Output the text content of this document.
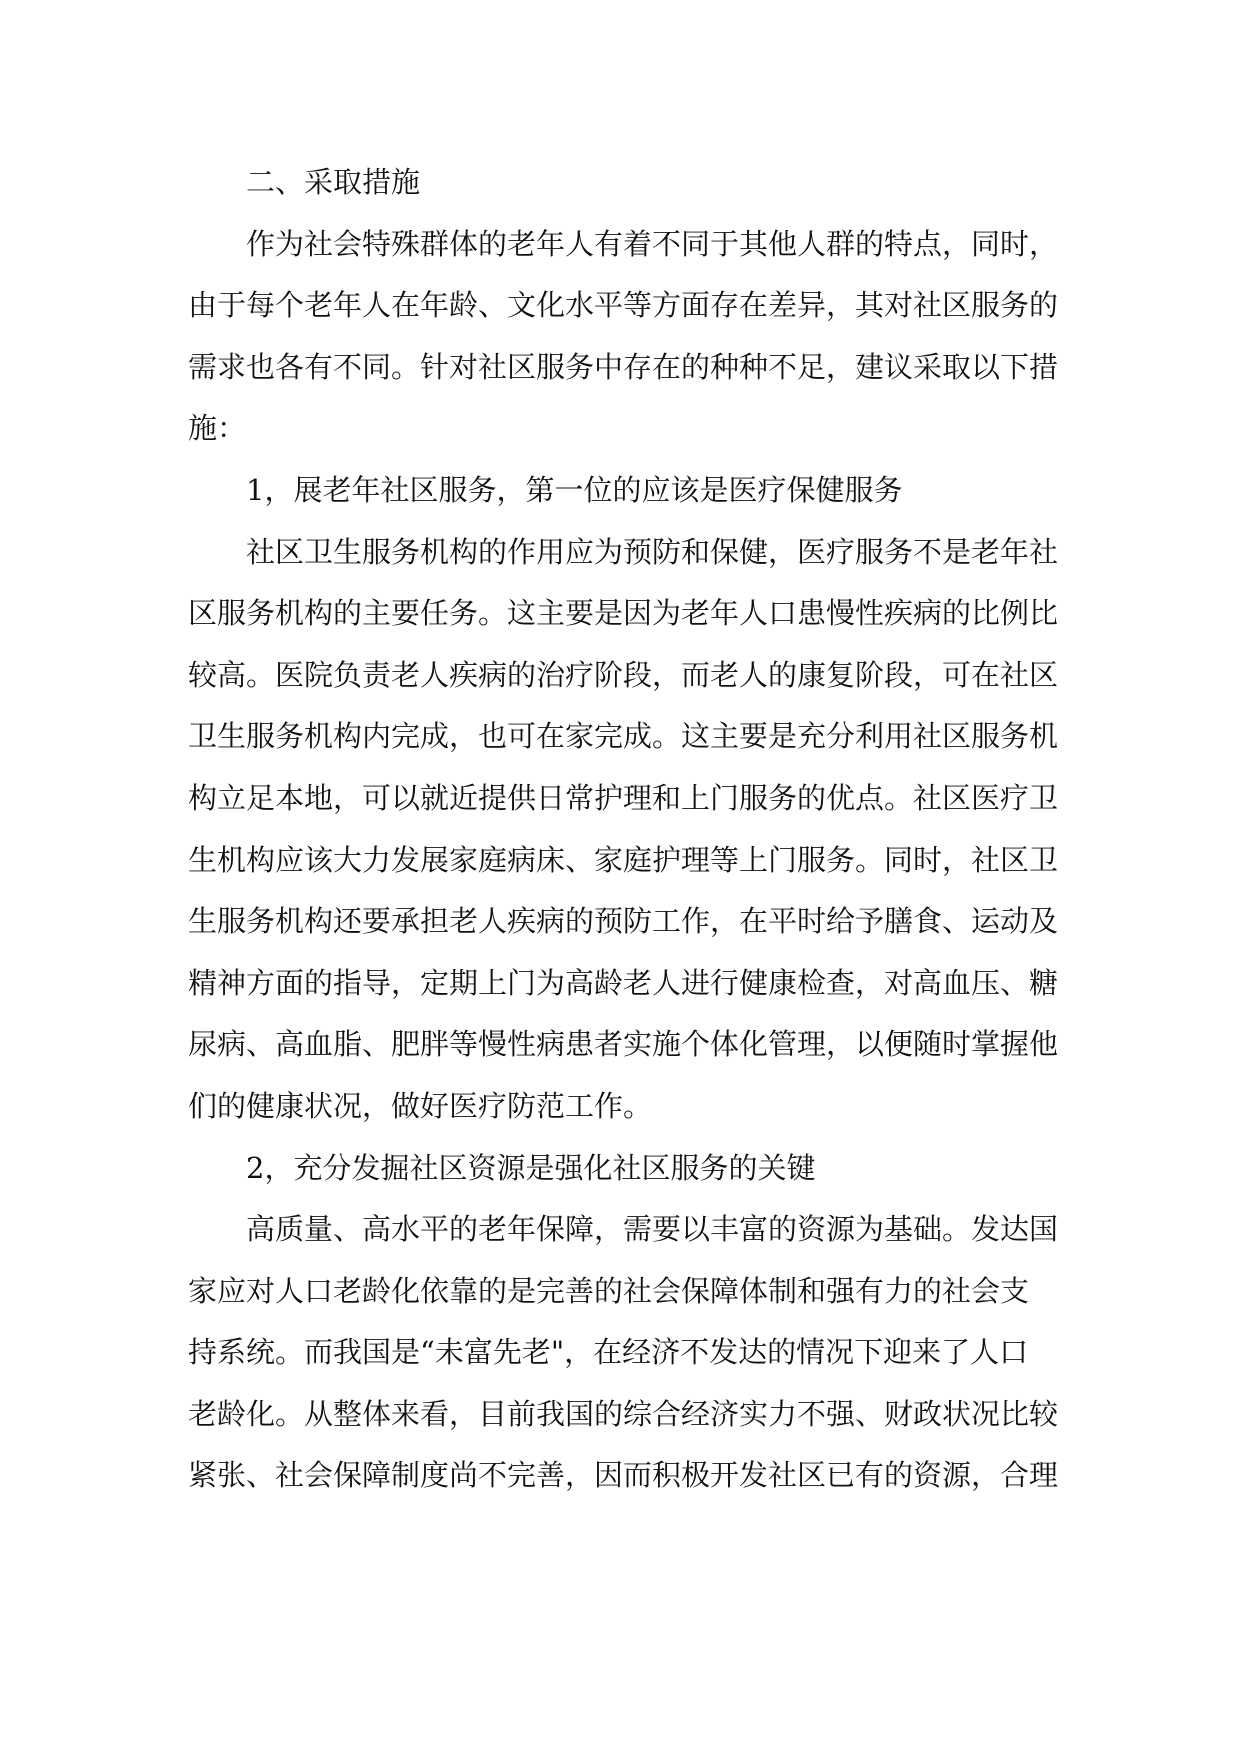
二、采取措施
作为社会特殊群体的老年人有着不同于其他人群的特点，同时，
由于每个老年人在年龄、文化水平等方面存在差异，其对社区服务的
需求也各有不同。针对社区服务中存在的种种不足，建议采取以下措
施：
1，展老年社区服务，第一位的应该是医疗保健服务
社区卫生服务机构的作用应为预防和保健，医疗服务不是老年社
区服务机构的主要任务。这主要是因为老年人口患慢性疾病的比例比
较高。医院负责老人疾病的治疗阶段，而老人的康复阶段，可在社区
卫生服务机构内完成，也可在家完成。这主要是充分利用社区服务机
构立足本地，可以就近提供日常护理和上门服务的优点。社区医疗卫
生机构应该大力发展家庭病床、家庭护理等上门服务。同时，社区卫
生服务机构还要承担老人疾病的预防工作，在平时给予膳食、运动及
精神方面的指导，定期上门为高龄老人进行健康检查，对高血压、糖
尿病、高血脂、肥胖等慢性病患者实施个体化管理，以便随时掌握他
们的健康状况，做好医疗防范工作。
2，充分发掘社区资源是强化社区服务的关键
高质量、高水平的老年保障，需要以丰富的资源为基础。发达国
家应对人口老龄化依靠的是完善的社会保障体制和强有力的社会支
持系统。而我国是“未富先老"，在经济不发达的情况下迎来了人口
老龄化。从整体来看，目前我国的综合经济实力不强、财政状况比较
紧张、社会保障制度尚不完善，因而积极开发社区已有的资源，合理
